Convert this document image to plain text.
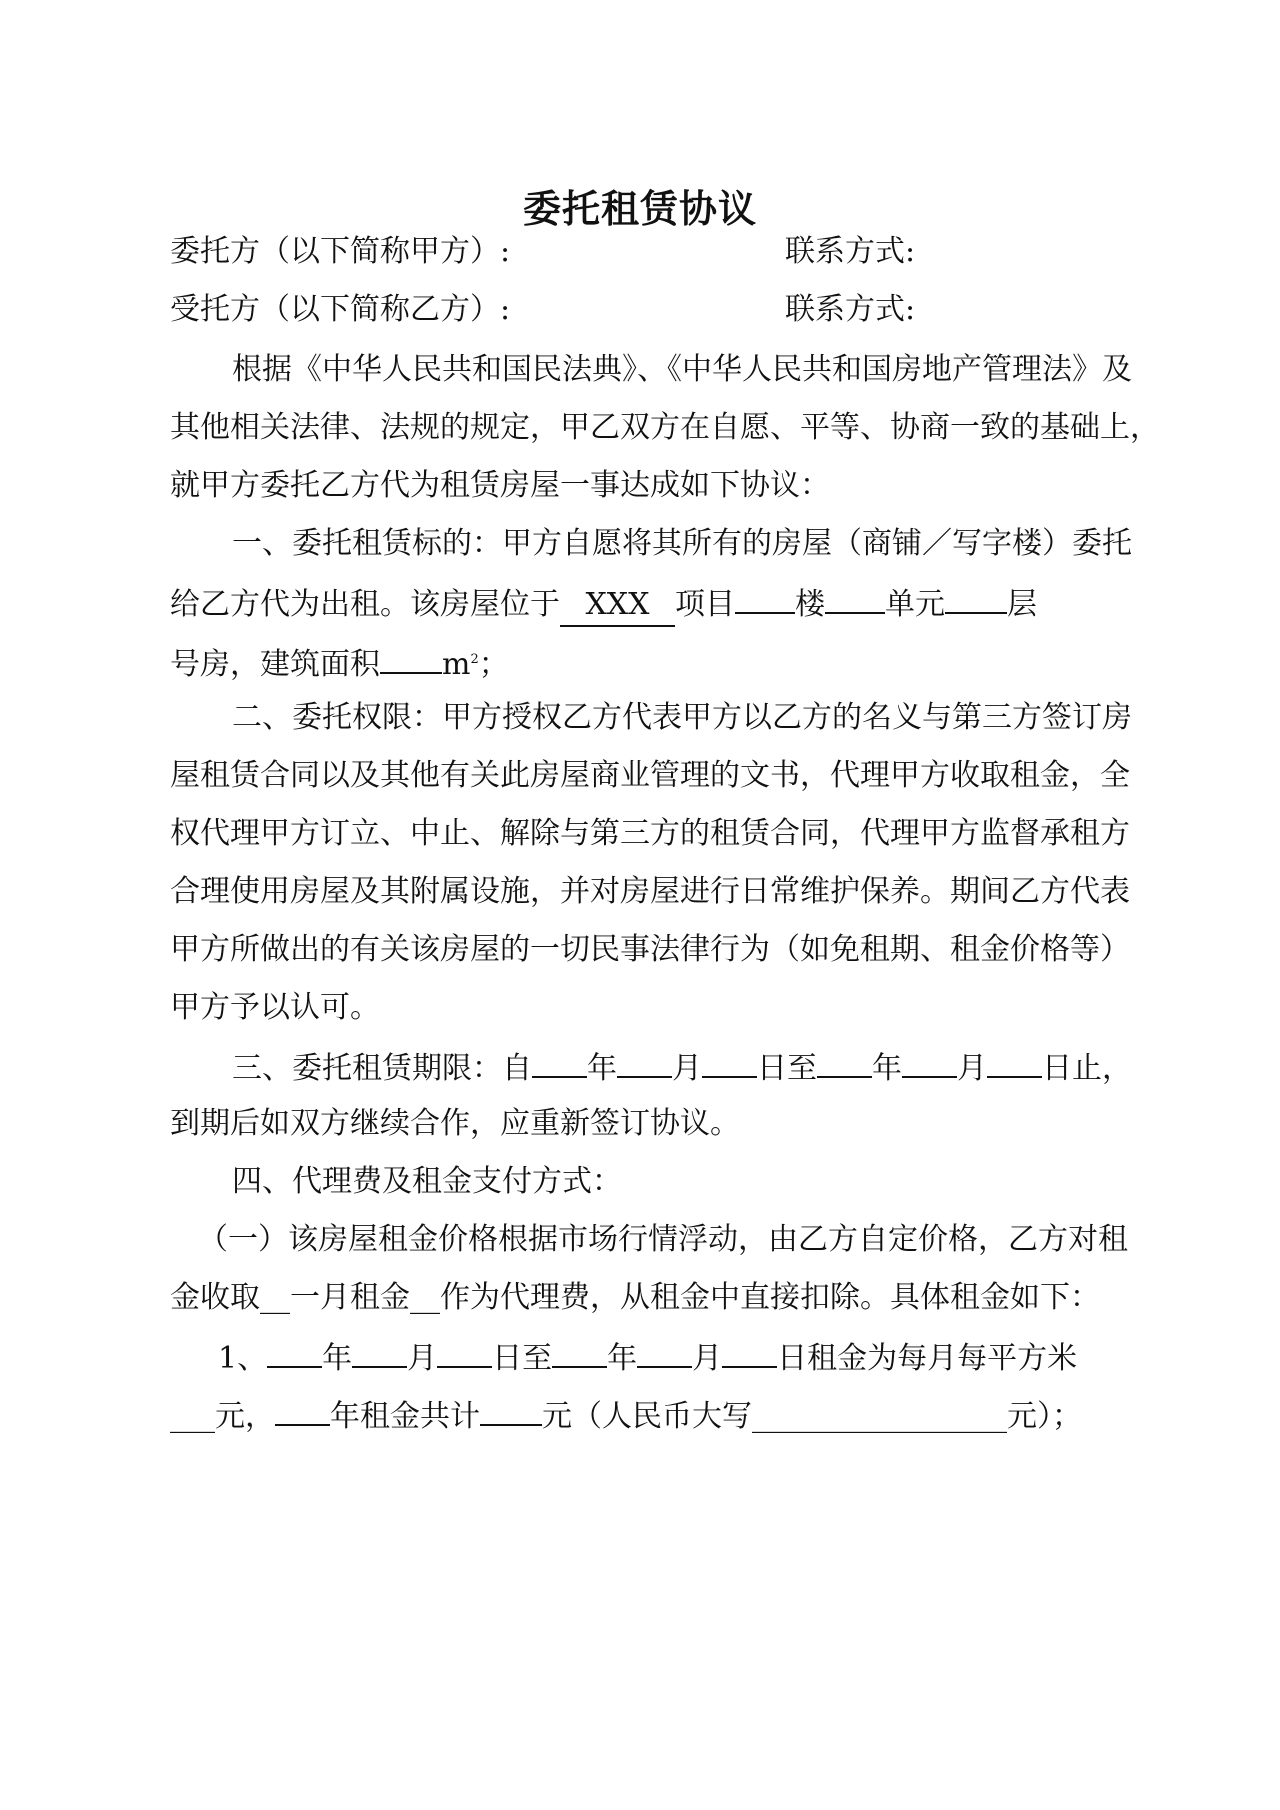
委托租赁协议
委托方（以下简称甲方）:	联系方式:
受托方（以下简称乙方）:	联系方式:
根据《中华人民共和国民法典》、《中华人民共和国房地产管理法》及
其他相关法律、法规的规定，甲乙双方在自愿、平等、协商一致的基础上，
就甲方委托乙方代为租赁房屋一事达成如下协议：
一、委托租赁标的：甲方自愿将其所有的房屋（商铺／写字楼）委托
给乙方代为出租。该房屋位于 XXX 项目 楼 单元 层
号房，建筑面积 $m^2$；
二、委托权限：甲方授权乙方代表甲方以乙方的名义与第三方签订房
屋租赁合同以及其他有关此房屋商业管理的文书，代理甲方收取租金，全
权代理甲方订立、中止、解除与第三方的租赁合同，代理甲方监督承租方
合理使用房屋及其附属设施，并对房屋进行日常维护保养。期间乙方代表
甲方所做出的有关该房屋的一切民事法律行为（如免租期、租金价格等）
甲方予以认可。
三、委托租赁期限：自 年 月 日至 年 月 日止，
到期后如双方继续合作，应重新签订协议。
四、代理费及租金支付方式：
（一）该房屋租金价格根据市场行情浮动，由乙方自定价格，乙方对租
金收取__一月租金__作为代理费，从租金中直接扣除。具体租金如下：
1、 年 月 日至 年 月 日租金为每月每平方米
___元， 年租金共计 元（人民币大写_________________元）；
